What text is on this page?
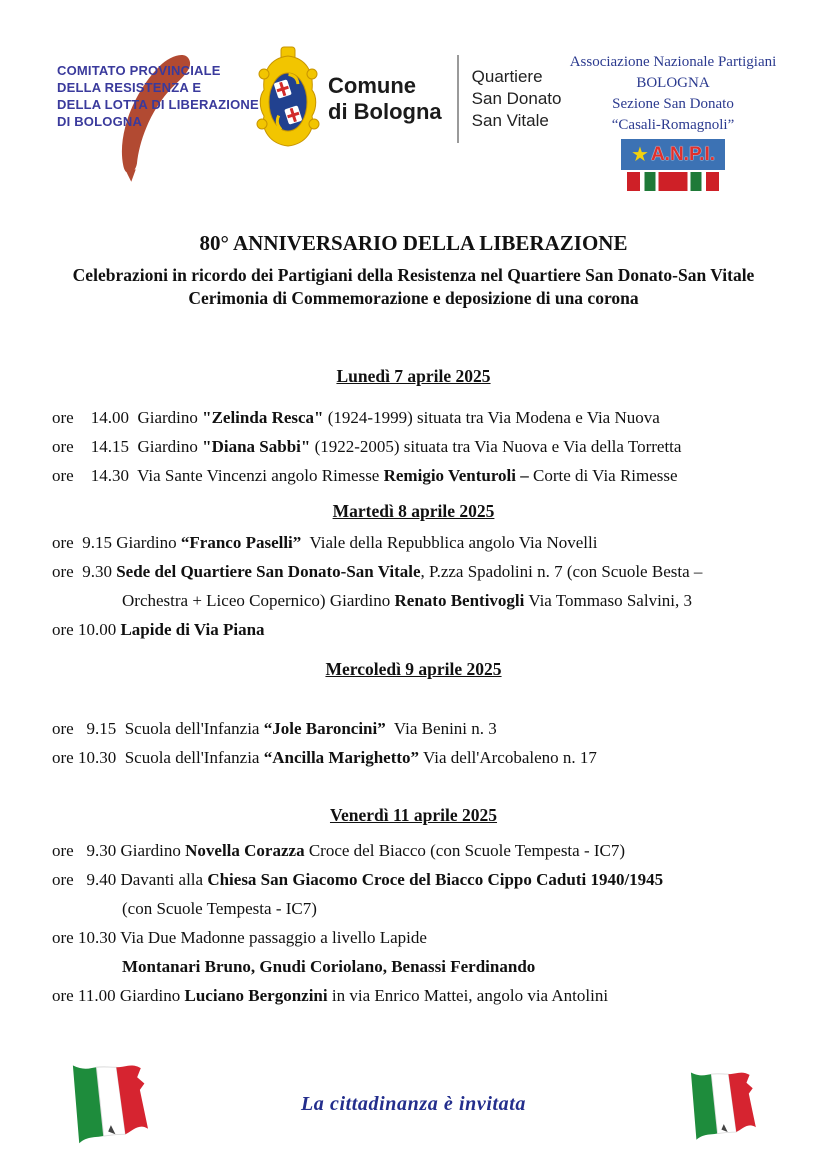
COMITATO PROVINCIALE
DELLA RESISTENZA E
DELLA LOTTA DI LIBERAZIONE
DI BOLOGNA
Comune
di Bologna
Quartiere
San Donato
San Vitale
Associazione Nazionale Partigiani
BOLOGNA
Sezione San Donato
“Casali-Romagnoli”
★ A.N.P.I.
80° ANNIVERSARIO DELLA LIBERAZIONE
Celebrazioni in ricordo dei Partigiani della Resistenza nel Quartiere San Donato-San Vitale
Cerimonia di Commemorazione e deposizione di una corona
Lunedì 7 aprile 2025
ore    14.00  Giardino "Zelinda Resca" (1924-1999) situata tra Via Modena e Via Nuova
ore    14.15  Giardino "Diana Sabbi" (1922-2005) situata tra Via Nuova e Via della Torretta
ore    14.30  Via Sante Vincenzi angolo Rimesse Remigio Venturoli – Corte di Via Rimesse
Martedì 8 aprile 2025
ore  9.15 Giardino “Franco Paselli”  Viale della Repubblica angolo Via Novelli
ore  9.30 Sede del Quartiere San Donato-San Vitale, P.zza Spadolini n. 7 (con Scuole Besta –
Orchestra + Liceo Copernico) Giardino Renato Bentivogli Via Tommaso Salvini, 3
ore 10.00 Lapide di Via Piana
Mercoledì 9 aprile 2025
ore   9.15  Scuola dell'Infanzia “Jole Baroncini”  Via Benini n. 3
ore 10.30  Scuola dell'Infanzia “Ancilla Marighetto” Via dell'Arcobaleno n. 17
Venerdì 11 aprile 2025
ore   9.30 Giardino Novella Corazza Croce del Biacco (con Scuole Tempesta - IC7)
ore   9.40 Davanti alla Chiesa San Giacomo Croce del Biacco Cippo Caduti 1940/1945
(con Scuole Tempesta - IC7)
ore 10.30 Via Due Madonne passaggio a livello Lapide
Montanari Bruno, Gnudi Coriolano, Benassi Ferdinando
ore 11.00 Giardino Luciano Bergonzini in via Enrico Mattei, angolo via Antolini
La cittadinanza è invitata
